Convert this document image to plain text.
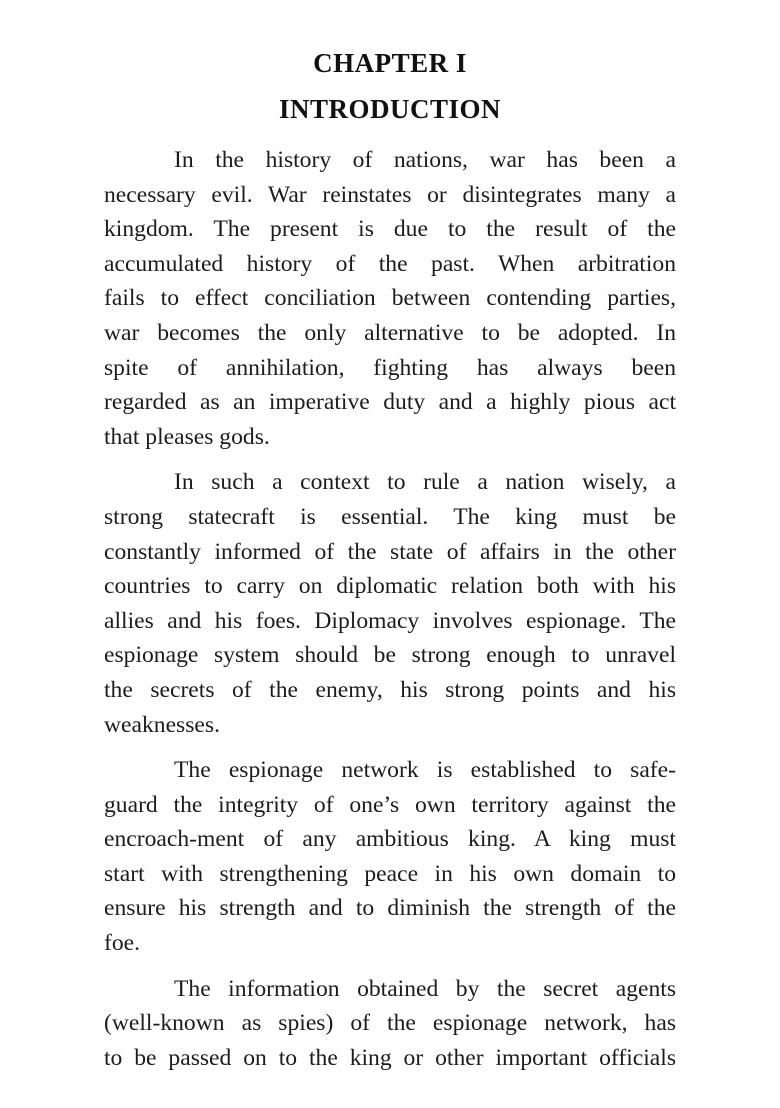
CHAPTER I
INTRODUCTION
In the history of nations, war has been a
necessary evil. War reinstates or disintegrates many a
kingdom. The present is due to the result of the
accumulated history of the past. When arbitration
fails to effect conciliation between contending parties,
war becomes the only alternative to be adopted. In
spite of annihilation, fighting has always been
regarded as an imperative duty and a highly pious act
that pleases gods.
In such a context to rule a nation wisely, a
strong statecraft is essential. The king must be
constantly informed of the state of affairs in the other
countries to carry on diplomatic relation both with his
allies and his foes. Diplomacy involves espionage. The
espionage system should be strong enough to unravel
the secrets of the enemy, his strong points and his
weaknesses.
The espionage network is established to safe-
guard the integrity of one’s own territory against the
encroach-ment of any ambitious king. A king must
start with strengthening peace in his own domain to
ensure his strength and to diminish the strength of the
foe.
The information obtained by the secret agents
(well-known as spies) of the espionage network, has
to be passed on to the king or other important officials
